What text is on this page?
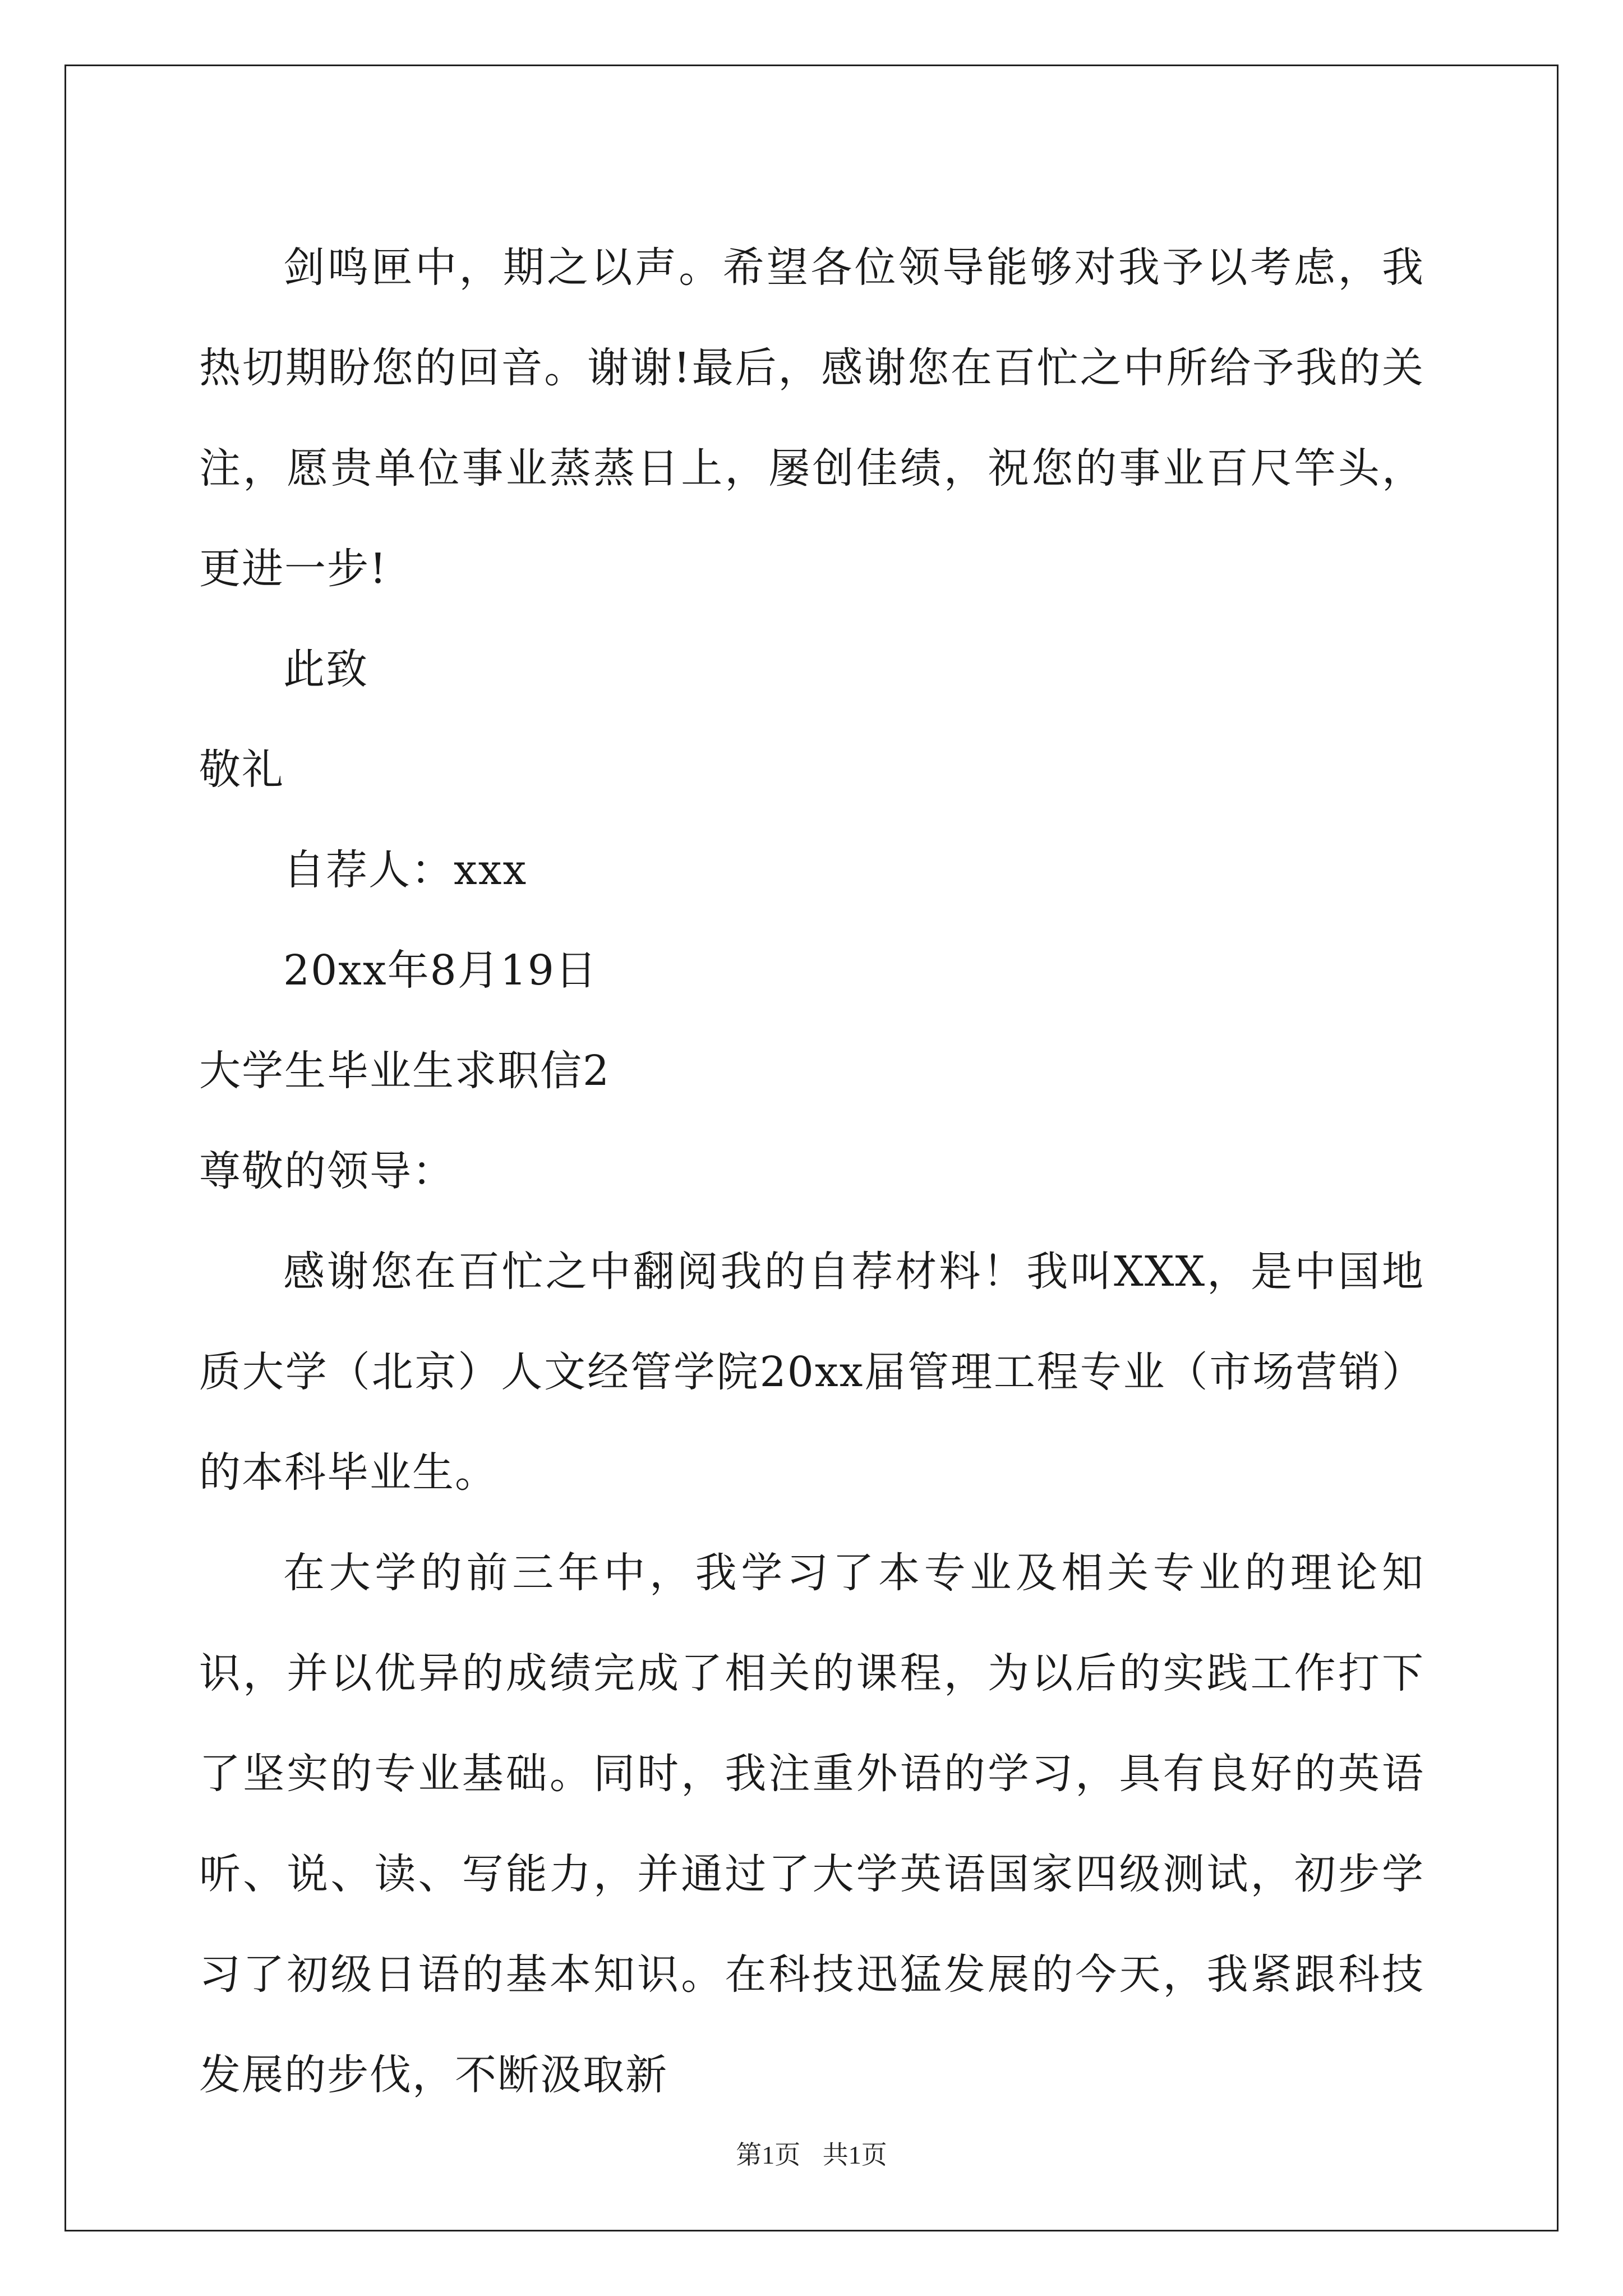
剑鸣匣中，期之以声。希望各位领导能够对我予以考虑，我热切期盼您的回音。谢谢!最后，感谢您在百忙之中所给予我的关注，愿贵单位事业蒸蒸日上，屡创佳绩，祝您的事业百尺竿头，更进一步!

此致

敬礼

自荐人：xxx

20xx年8月19日

大学生毕业生求职信2

尊敬的领导：

感谢您在百忙之中翻阅我的自荐材料！我叫XXX，是中国地质大学（北京）人文经管学院20xx届管理工程专业（市场营销）的本科毕业生。

在大学的前三年中，我学习了本专业及相关专业的理论知识，并以优异的成绩完成了相关的课程，为以后的实践工作打下了坚实的专业基础。同时，我注重外语的学习，具有良好的英语听、说、读、写能力，并通过了大学英语国家四级测试，初步学习了初级日语的基本知识。在科技迅猛发展的今天，我紧跟科技发展的步伐，不断汲取新

第1页 共1页
